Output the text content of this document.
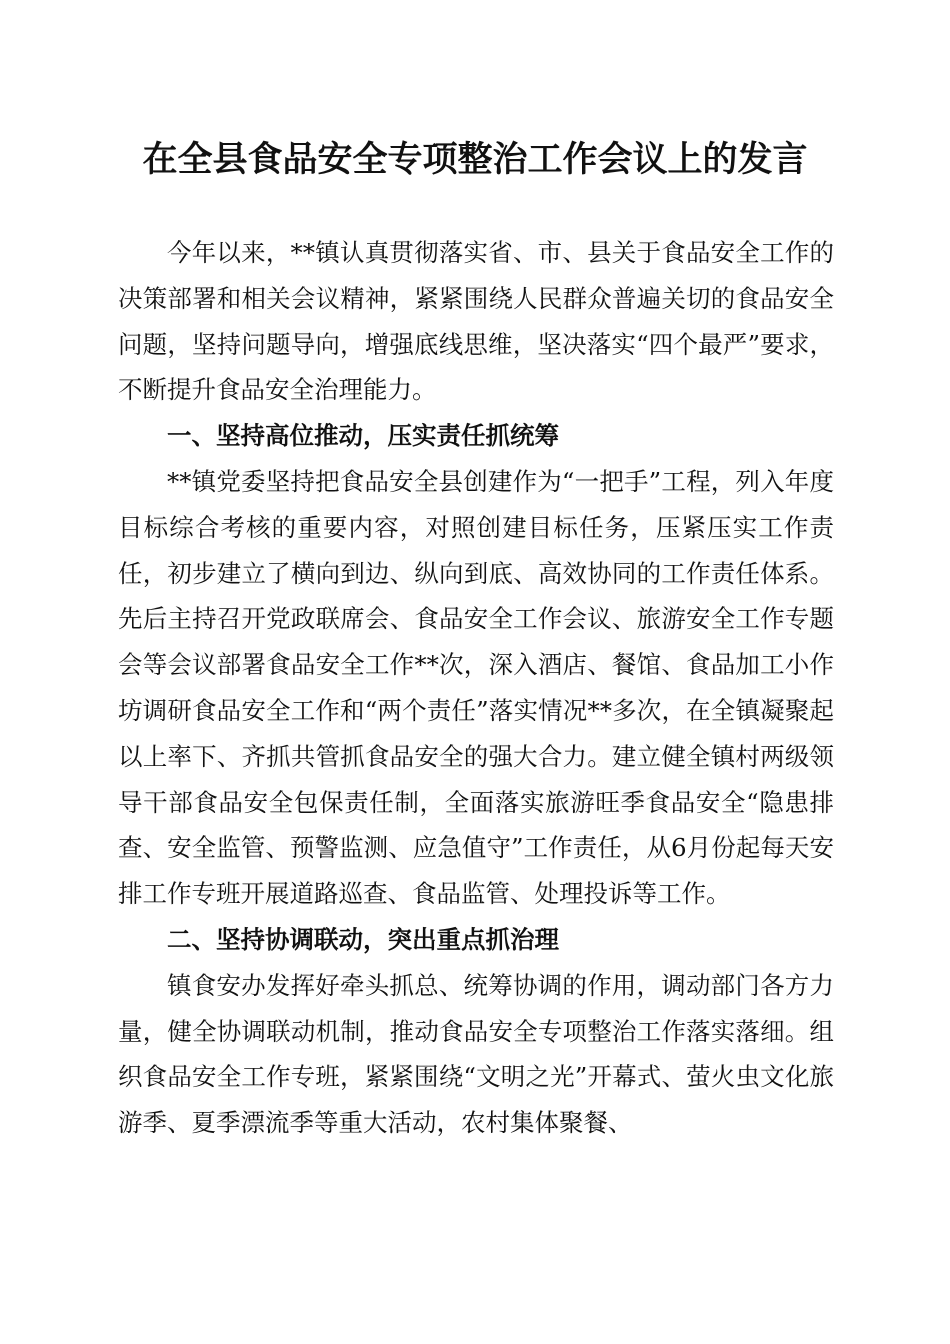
在全县食品安全专项整治工作会议上的发言

今年以来，**镇认真贯彻落实省、市、县关于食品安全工作的决策部署和相关会议精神，紧紧围绕人民群众普遍关切的食品安全问题，坚持问题导向，增强底线思维，坚决落实“四个最严”要求，不断提升食品安全治理能力。

一、坚持高位推动，压实责任抓统筹

**镇党委坚持把食品安全县创建作为“一把手”工程，列入年度目标综合考核的重要内容，对照创建目标任务，压紧压实工作责任，初步建立了横向到边、纵向到底、高效协同的工作责任体系。先后主持召开党政联席会、食品安全工作会议、旅游安全工作专题会等会议部署食品安全工作**次，深入酒店、餐馆、食品加工小作坊调研食品安全工作和“两个责任”落实情况**多次，在全镇凝聚起以上率下、齐抓共管抓食品安全的强大合力。建立健全镇村两级领导干部食品安全包保责任制，全面落实旅游旺季食品安全“隐患排查、安全监管、预警监测、应急值守”工作责任，从6月份起每天安排工作专班开展道路巡查、食品监管、处理投诉等工作。

二、坚持协调联动，突出重点抓治理

镇食安办发挥好牵头抓总、统筹协调的作用，调动部门各方力量，健全协调联动机制，推动食品安全专项整治工作落实落细。组织食品安全工作专班，紧紧围绕“文明之光”开幕式、萤火虫文化旅游季、夏季漂流季等重大活动，农村集体聚餐、
